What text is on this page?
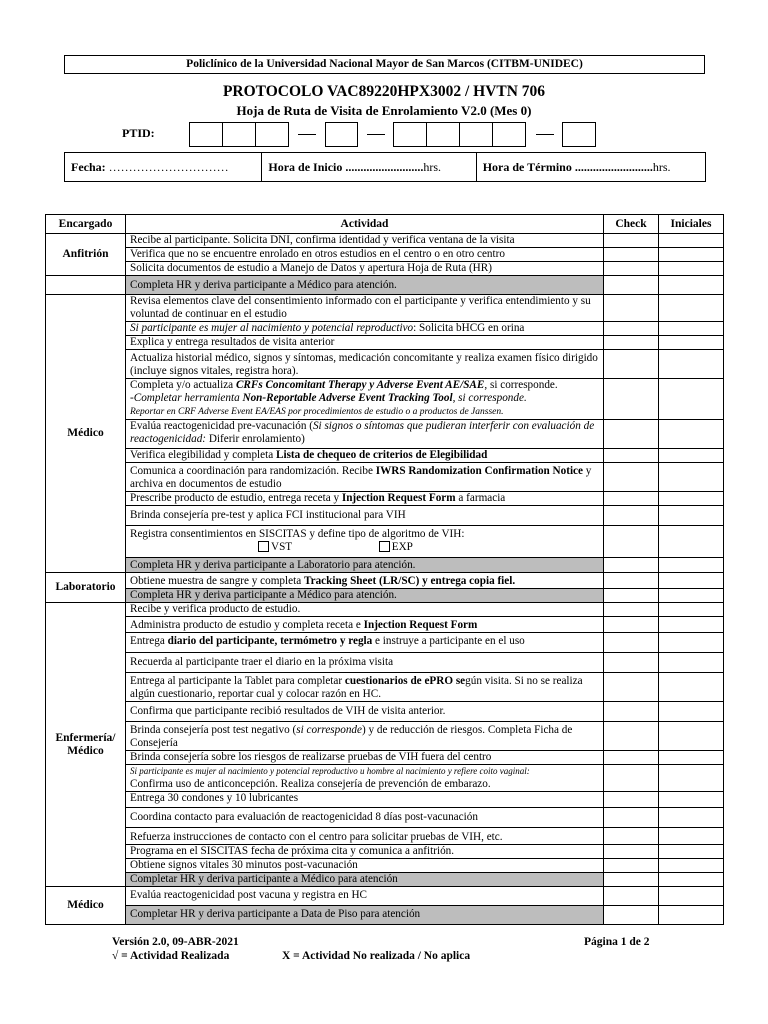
Policlínico de la Universidad Nacional Mayor de San Marcos (CITBM-UNIDEC)
PROTOCOLO VAC89220HPX3002 / HVTN 706
Hoja de Ruta de Visita de Enrolamiento V2.0 (Mes 0)
PTID:
Fecha: …………………………	Hora de Inicio ..........................hrs.	Hora de Término ..........................hrs.
Encargado	Actividad	Check	Iniciales
Anfitrión	Recibe al participante. Solicita DNI, confirma identidad y verifica ventana de la visita		
	Verifica que no se encuentre enrolado en otros estudios en el centro o en otro centro		
	Solicita documentos de estudio a Manejo de Datos y apertura Hoja de Ruta (HR)		
	Completa HR y deriva participante a Médico para atención.		
Médico	Revisa elementos clave del consentimiento informado con el participante y verifica entendimiento y su voluntad de continuar en el estudio		
	Si participante es mujer al nacimiento y potencial reproductivo: Solicita bHCG en orina		
	Explica y entrega resultados de visita anterior		
	Actualiza historial médico, signos y síntomas, medicación concomitante y realiza examen físico dirigido (incluye signos vitales, registra hora).		
	Completa y/o actualiza CRFs Concomitant Therapy y Adverse Event AE/SAE, si corresponde.
-Completar herramienta Non-Reportable Adverse Event Tracking Tool, si corresponde.
Reportar en CRF Adverse Event EA/EAS por procedimientos de estudio o a productos de Janssen.		
	Evalúa reactogenicidad pre-vacunación (Si signos o síntomas que pudieran interferir con evaluación de reactogenicidad: Diferir enrolamiento)		
	Verifica elegibilidad y completa Lista de chequeo de criterios de Elegibilidad		
	Comunica a coordinación para randomización. Recibe IWRS Randomization Confirmation Notice y archiva en documentos de estudio		
	Prescribe producto de estudio, entrega receta y Injection Request Form a farmacia		
	Brinda consejería pre-test y aplica FCI institucional para VIH		
	Registra consentimientos en SISCITAS y define tipo de algoritmo de VIH:
VST EXP		
	Completa HR y deriva participante a Laboratorio para atención.		
Laboratorio	Obtiene muestra de sangre y completa Tracking Sheet (LR/SC) y entrega copia fiel.		
	Completa HR y deriva participante a Médico para atención.		
Enfermería/ Médico	Recibe y verifica producto de estudio.		
	Administra producto de estudio y completa receta e Injection Request Form		
	Entrega diario del participante, termómetro y regla e instruye a participante en el uso		
	Recuerda al participante traer el diario en la próxima visita		
	Entrega al participante la Tablet para completar cuestionarios de ePRO según visita. Si no se realiza algún cuestionario, reportar cual y colocar razón en HC.		
	Confirma que participante recibió resultados de VIH de visita anterior.		
	Brinda consejería post test negativo (si corresponde) y de reducción de riesgos. Completa Ficha de Consejería		
	Brinda consejería sobre los riesgos de realizarse pruebas de VIH fuera del centro		
	Si participante es mujer al nacimiento y potencial reproductivo u hombre al nacimiento y refiere coito vaginal:
Confirma uso de anticoncepción. Realiza consejería de prevención de embarazo.		
	Entrega 30 condones y 10 lubricantes		
	Coordina contacto para evaluación de reactogenicidad 8 días post-vacunación		
	Refuerza instrucciones de contacto con el centro para solicitar pruebas de VIH, etc.		
	Programa en el SISCITAS fecha de próxima cita y comunica a anfitrión.		
	Obtiene signos vitales 30 minutos post-vacunación		
	Completar HR y deriva participante a Médico para atención		
Médico	Evalúa reactogenicidad post vacuna y registra en HC		
	Completar HR y deriva participante a Data de Piso para atención		
Versión 2.0, 09-ABR-2021
√ = Actividad Realizada	X = Actividad No realizada / No aplica
Página 1 de 2
